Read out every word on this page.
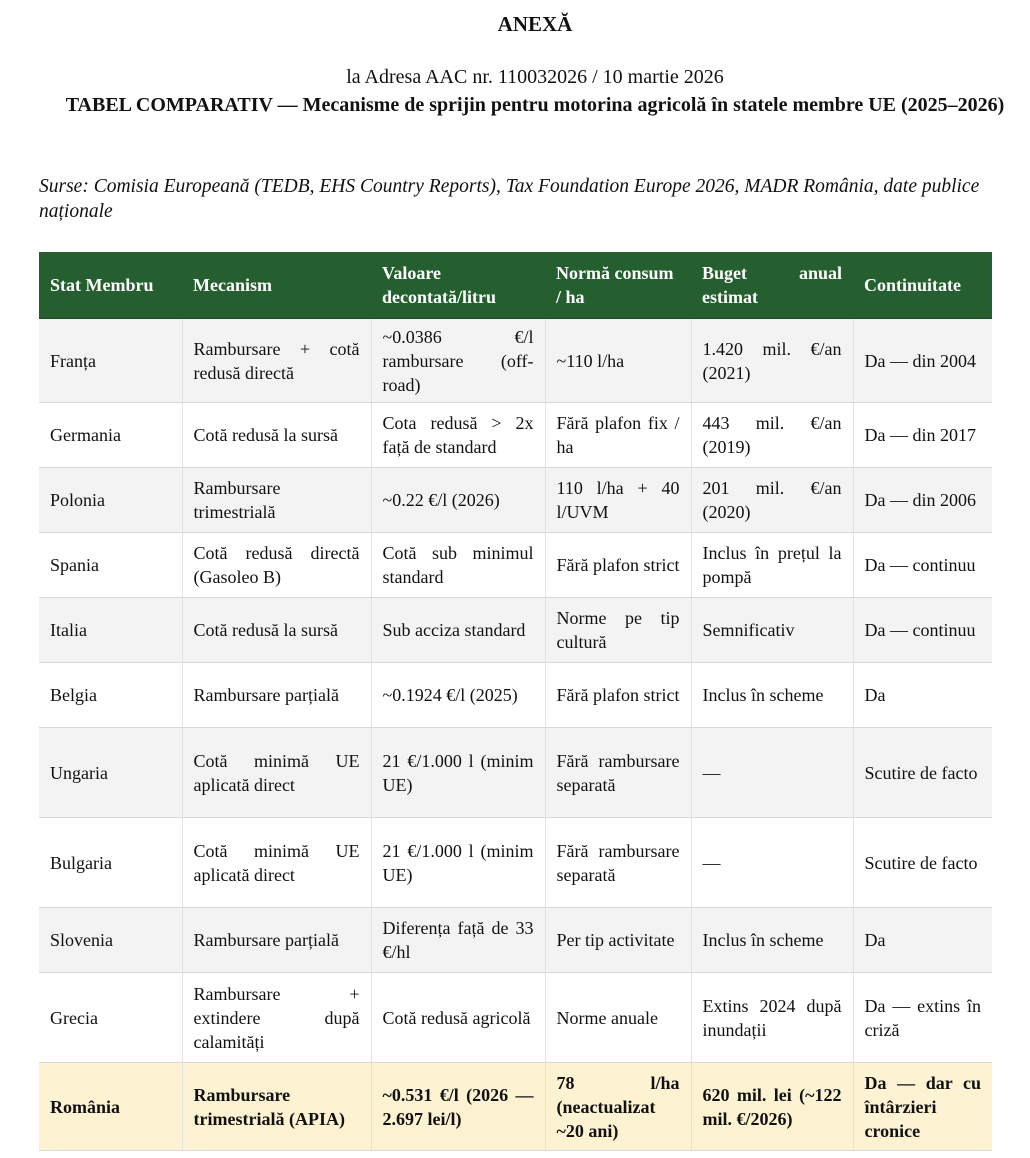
ANEXĂ
la Adresa AAC nr. 110032026 / 10 martie 2026
TABEL COMPARATIV — Mecanisme de sprijin pentru motorina agricolă în statele membre UE (2025–2026)
Surse: Comisia Europeană (TEDB, EHS Country Reports), Tax Foundation Europe 2026, MADR România, date publice naționale
Stat Membru	Mecanism	Valoare decontată/litru	Normă consum / ha	Buget anual estimat	Continuitate
Franța	Rambursare + cotă redusă directă	~0.0386 €/l rambursare (off-road)	~110 l/ha	1.420 mil. €/an (2021)	Da — din 2004
Germania	Cotă redusă la sursă	Cota redusă > 2x față de standard	Fără plafon fix / ha	443 mil. €/an (2019)	Da — din 2017
Polonia	Rambursare trimestrială	~0.22 €/l (2026)	110 l/ha + 40 l/UVM	201 mil. €/an (2020)	Da — din 2006
Spania	Cotă redusă directă (Gasoleo B)	Cotă sub minimul standard	Fără plafon strict	Inclus în prețul la pompă	Da — continuu
Italia	Cotă redusă la sursă	Sub acciza standard	Norme pe tip cultură	Semnificativ	Da — continuu
Belgia	Rambursare parțială	~0.1924 €/l (2025)	Fără plafon strict	Inclus în scheme	Da
Ungaria	Cotă minimă UE aplicată direct	21 €/1.000 l (minim UE)	Fără rambursare separată	—	Scutire de facto
Bulgaria	Cotă minimă UE aplicată direct	21 €/1.000 l (minim UE)	Fără rambursare separată	—	Scutire de facto
Slovenia	Rambursare parțială	Diferența față de 33 €/hl	Per tip activitate	Inclus în scheme	Da
Grecia	Rambursare + extindere după calamități	Cotă redusă agricolă	Norme anuale	Extins 2024 după inundații	Da — extins în criză
România	Rambursare trimestrială (APIA)	~0.531 €/l (2026 — 2.697 lei/l)	78 l/ha (neactualizat ~20 ani)	620 mil. lei (~122 mil. €/2026)	Da — dar cu întârzieri cronice
